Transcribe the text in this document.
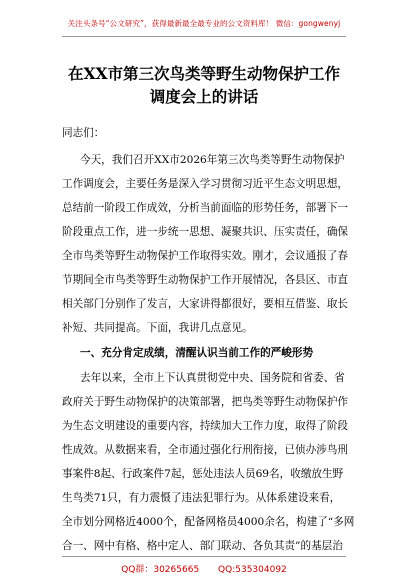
关注头条号“公文研究”，获得最新最全最专业的公文资料库！ 微信：gongwenyj
在XX市第三次鸟类等野生动物保护工作
调度会上的讲话
同志们：
今天，我们召开XX市2026年第三次鸟类等野生动物保护
工作调度会，主要任务是深入学习贯彻习近平生态文明思想，
总结前一阶段工作成效，分析当前面临的形势任务，部署下一
阶段重点工作，进一步统一思想、凝聚共识、压实责任，确保
全市鸟类等野生动物保护工作取得实效。刚才，会议通报了春
节期间全市鸟类等野生动物保护工作开展情况，各县区、市直
相关部门分别作了发言，大家讲得都很好，要相互借鉴、取长
补短、共同提高。下面，我讲几点意见。
一、充分肯定成绩，清醒认识当前工作的严峻形势
去年以来，全市上下认真贯彻党中央、国务院和省委、省
政府关于野生动物保护的决策部署，把鸟类等野生动物保护作
为生态文明建设的重要内容，持续加大工作力度，取得了阶段
性成效。从数据来看，全市通过强化行刑衔接，已侦办涉鸟刑
事案件8起、行政案件7起，惩处违法人员69名，收缴放生野
生鸟类71只，有力震慑了违法犯罪行为。从体系建设来看，
全市划分网格近4000个，配备网格员4000余名，构建了“多网
合一、网中有格、格中定人、部门联动、各负其责”的基层治
QQ群：30265665 QQ:535304092
